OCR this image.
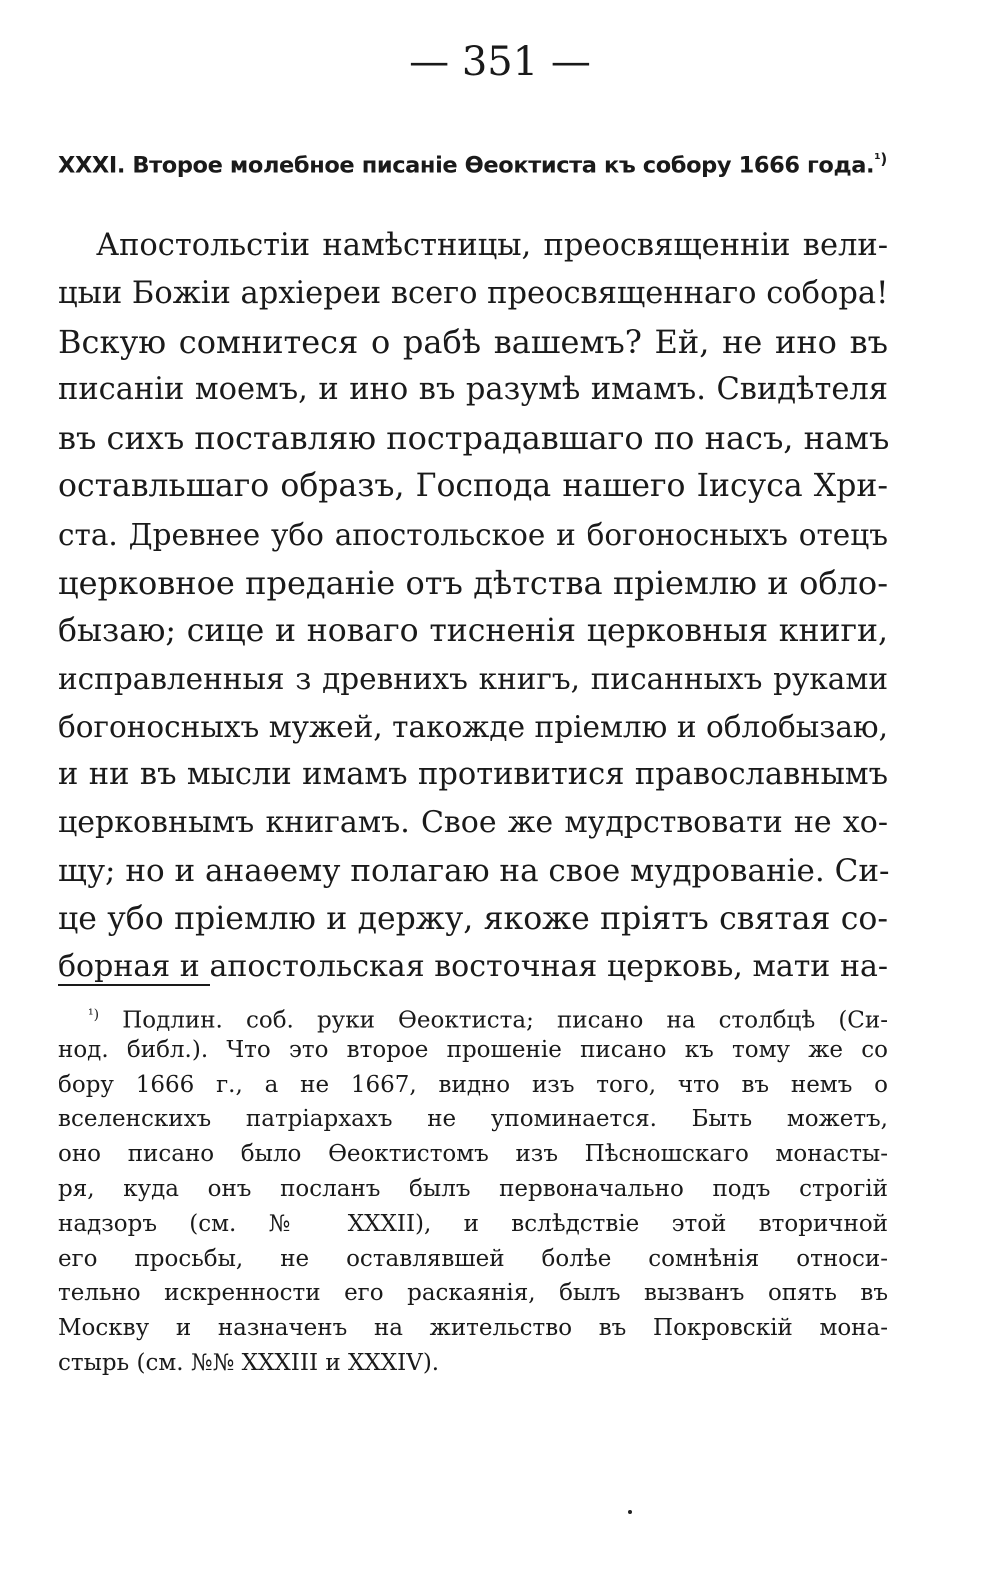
— 351 —
XXXI. Второе молебное писаніе Ѳеоктиста къ собору 1666 года.$^{^1)}$
Апостольстіи намѣстницы, преосвященніи вели-
цыи Божіи архіереи всего преосвященнаго собора!
Вскую сомнитеся о рабѣ вашемъ? Ей, не ино въ
писаніи моемъ, и ино въ разумѣ имамъ. Свидѣтеля
въ сихъ поставляю пострадавшаго по насъ, намъ
оставльшаго образъ, Господа нашего Іисуса Хри-
ста. Древнее убо апостольское и богоносныхъ отецъ
церковное преданіе отъ дѣтства пріемлю и обло-
бызаю; сице и новаго тисненія церковныя книги,
исправленныя з древнихъ книгъ, писанныхъ руками
богоносныхъ мужей, такожде пріемлю и облобызаю,
и ни въ мысли имамъ противитися православнымъ
церковнымъ книгамъ. Свое же мудрствовати не хо-
щу; но и анаѳему полагаю на свое мудрованіе. Си-
це убо пріемлю и держу, якоже пріятъ святая со-
борная и апостольская восточная церковь, мати на-
$^{^1)}$ Подлин. соб. руки Ѳеоктиста; писано на столбцѣ (Си-
нод. библ.). Что это второе прошеніе писано къ тому же со
бору 1666 г., а не 1667, видно изъ того, что въ немъ о
вселенскихъ патріархахъ не упоминается. Быть можетъ,
оно писано было Ѳеоктистомъ изъ Пѣсношскаго монасты-
ря, куда онъ посланъ былъ первоначально подъ строгій
надзоръ (см. № XXXII), и вслѣдствіе этой вторичной
его просьбы, не оставлявшей болѣе сомнѣнія относи-
тельно искренности его раскаянія, былъ вызванъ опять въ
Москву и назначенъ на жительство въ Покровскій мона-
стырь (см. №№ XXXIII и XXXIV).
